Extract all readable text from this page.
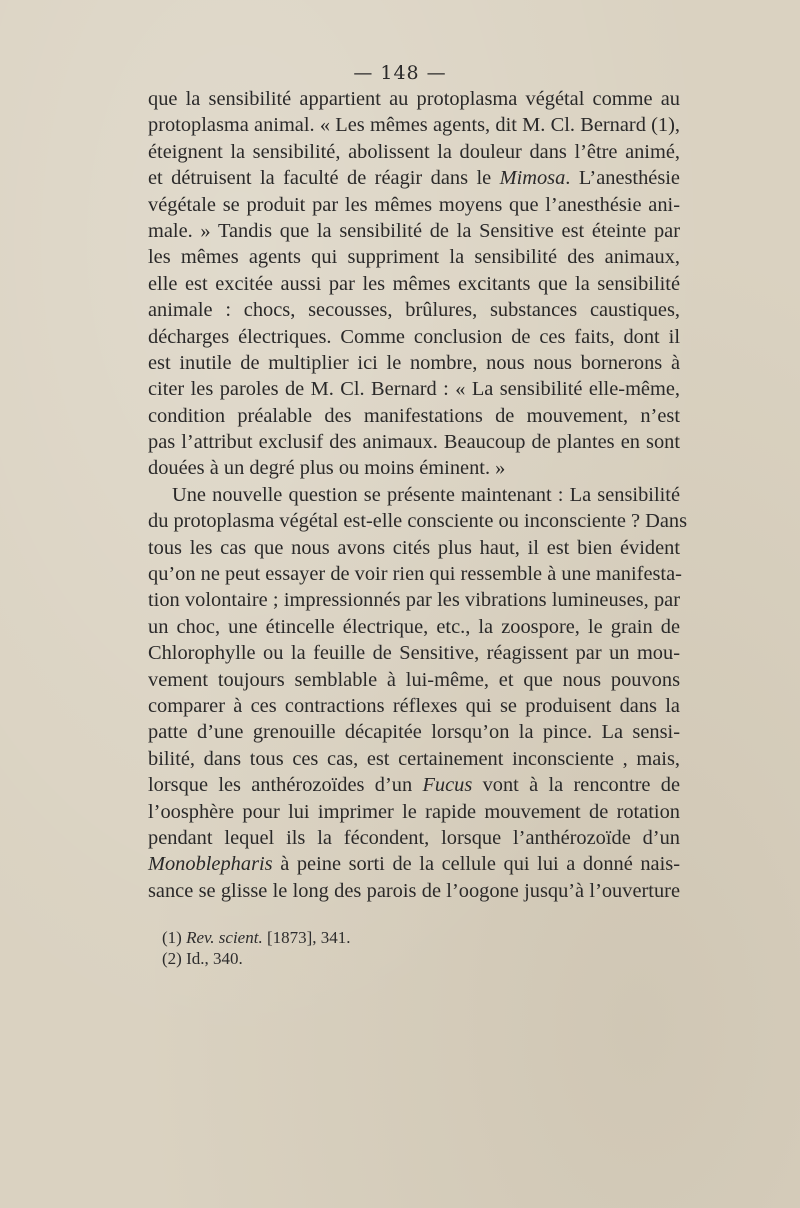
— 148 —
que la sensibilité appartient au protoplasma végétal comme au
protoplasma animal. « Les mêmes agents, dit M. Cl. Bernard (1),
éteignent la sensibilité, abolissent la douleur dans l’être animé,
et détruisent la faculté de réagir dans le Mimosa. L’anesthésie
végétale se produit par les mêmes moyens que l’anesthésie ani-
male. » Tandis que la sensibilité de la Sensitive est éteinte par
les mêmes agents qui suppriment la sensibilité des animaux,
elle est excitée aussi par les mêmes excitants que la sensibilité
animale : chocs, secousses, brûlures, substances caustiques,
décharges électriques. Comme conclusion de ces faits, dont il
est inutile de multiplier ici le nombre, nous nous bornerons à
citer les paroles de M. Cl. Bernard : « La sensibilité elle-même,
condition préalable des manifestations de mouvement, n’est
pas l’attribut exclusif des animaux. Beaucoup de plantes en sont
douées à un degré plus ou moins éminent. »
Une nouvelle question se présente maintenant : La sensibilité
du protoplasma végétal est-elle consciente ou inconsciente ? Dans
tous les cas que nous avons cités plus haut, il est bien évident
qu’on ne peut essayer de voir rien qui ressemble à une manifesta-
tion volontaire ; impressionnés par les vibrations lumineuses, par
un choc, une étincelle électrique, etc., la zoospore, le grain de
Chlorophylle ou la feuille de Sensitive, réagissent par un mou-
vement toujours semblable à lui-même, et que nous pouvons
comparer à ces contractions réflexes qui se produisent dans la
patte d’une grenouille décapitée lorsqu’on la pince. La sensi-
bilité, dans tous ces cas, est certainement inconsciente , mais,
lorsque les anthérozoïdes d’un Fucus vont à la rencontre de
l’oosphère pour lui imprimer le rapide mouvement de rotation
pendant lequel ils la fécondent, lorsque l’anthérozoïde d’un
Monoblepharis à peine sorti de la cellule qui lui a donné nais-
sance se glisse le long des parois de l’oogone jusqu’à l’ouverture
(1) Rev. scient. [1873], 341.
(2) Id., 340.
